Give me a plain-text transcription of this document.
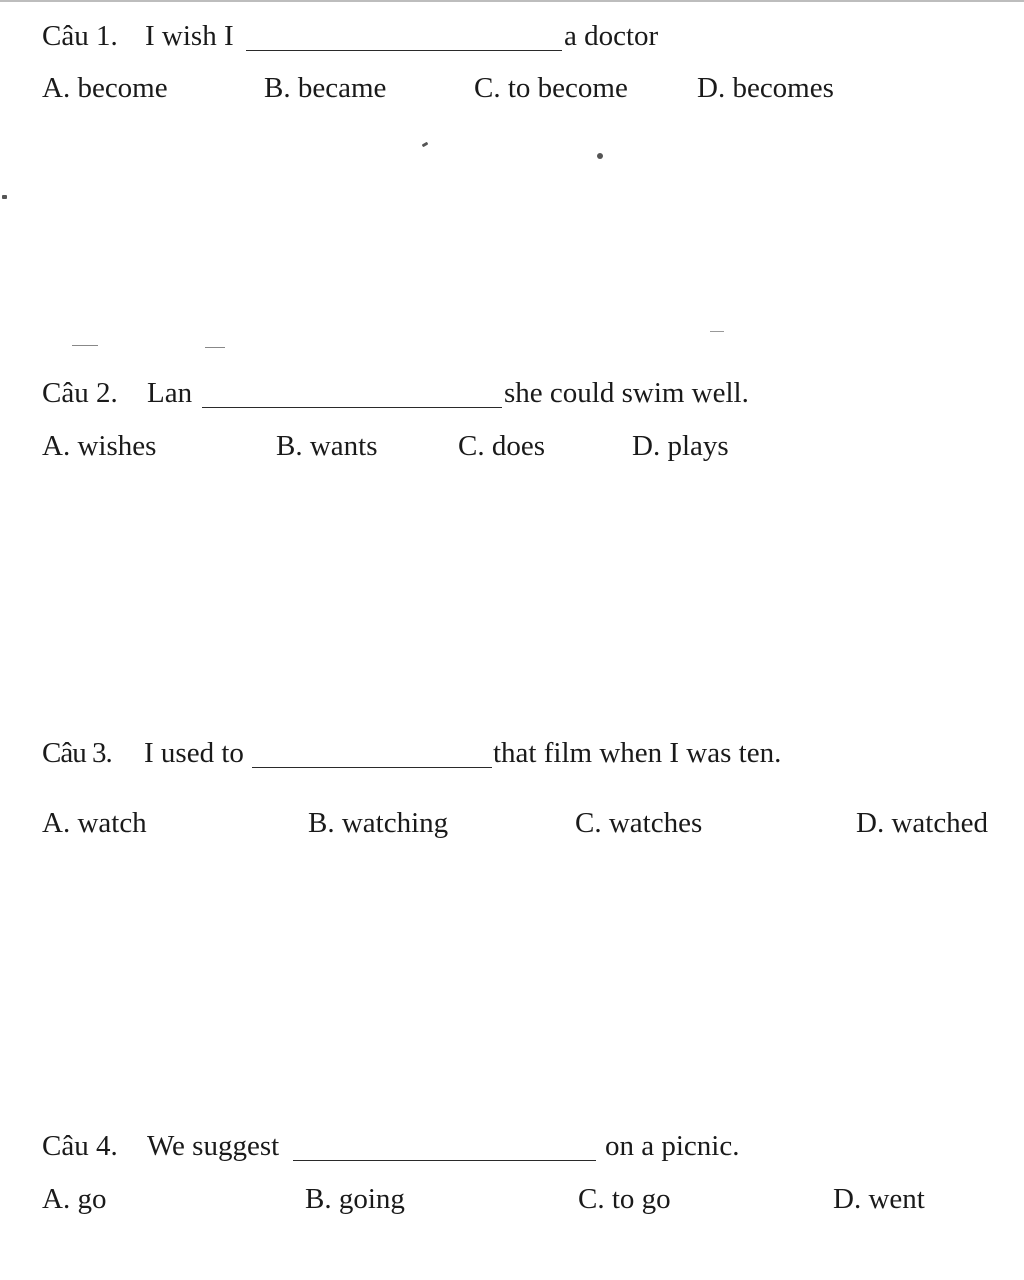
Câu 1. I wish I	a doctor
A. become	B. became	C. to become D. becomes
Câu 2. Lan	she could swim well.
A. wishes	B. wants	C. does	D. plays
Câu 3. I used to	that film when I was ten.
A. watch	B. watching	C. watches	D. watched
Câu 4. We suggest	on a picnic.
A. go	B. going	C. to go	D. went
